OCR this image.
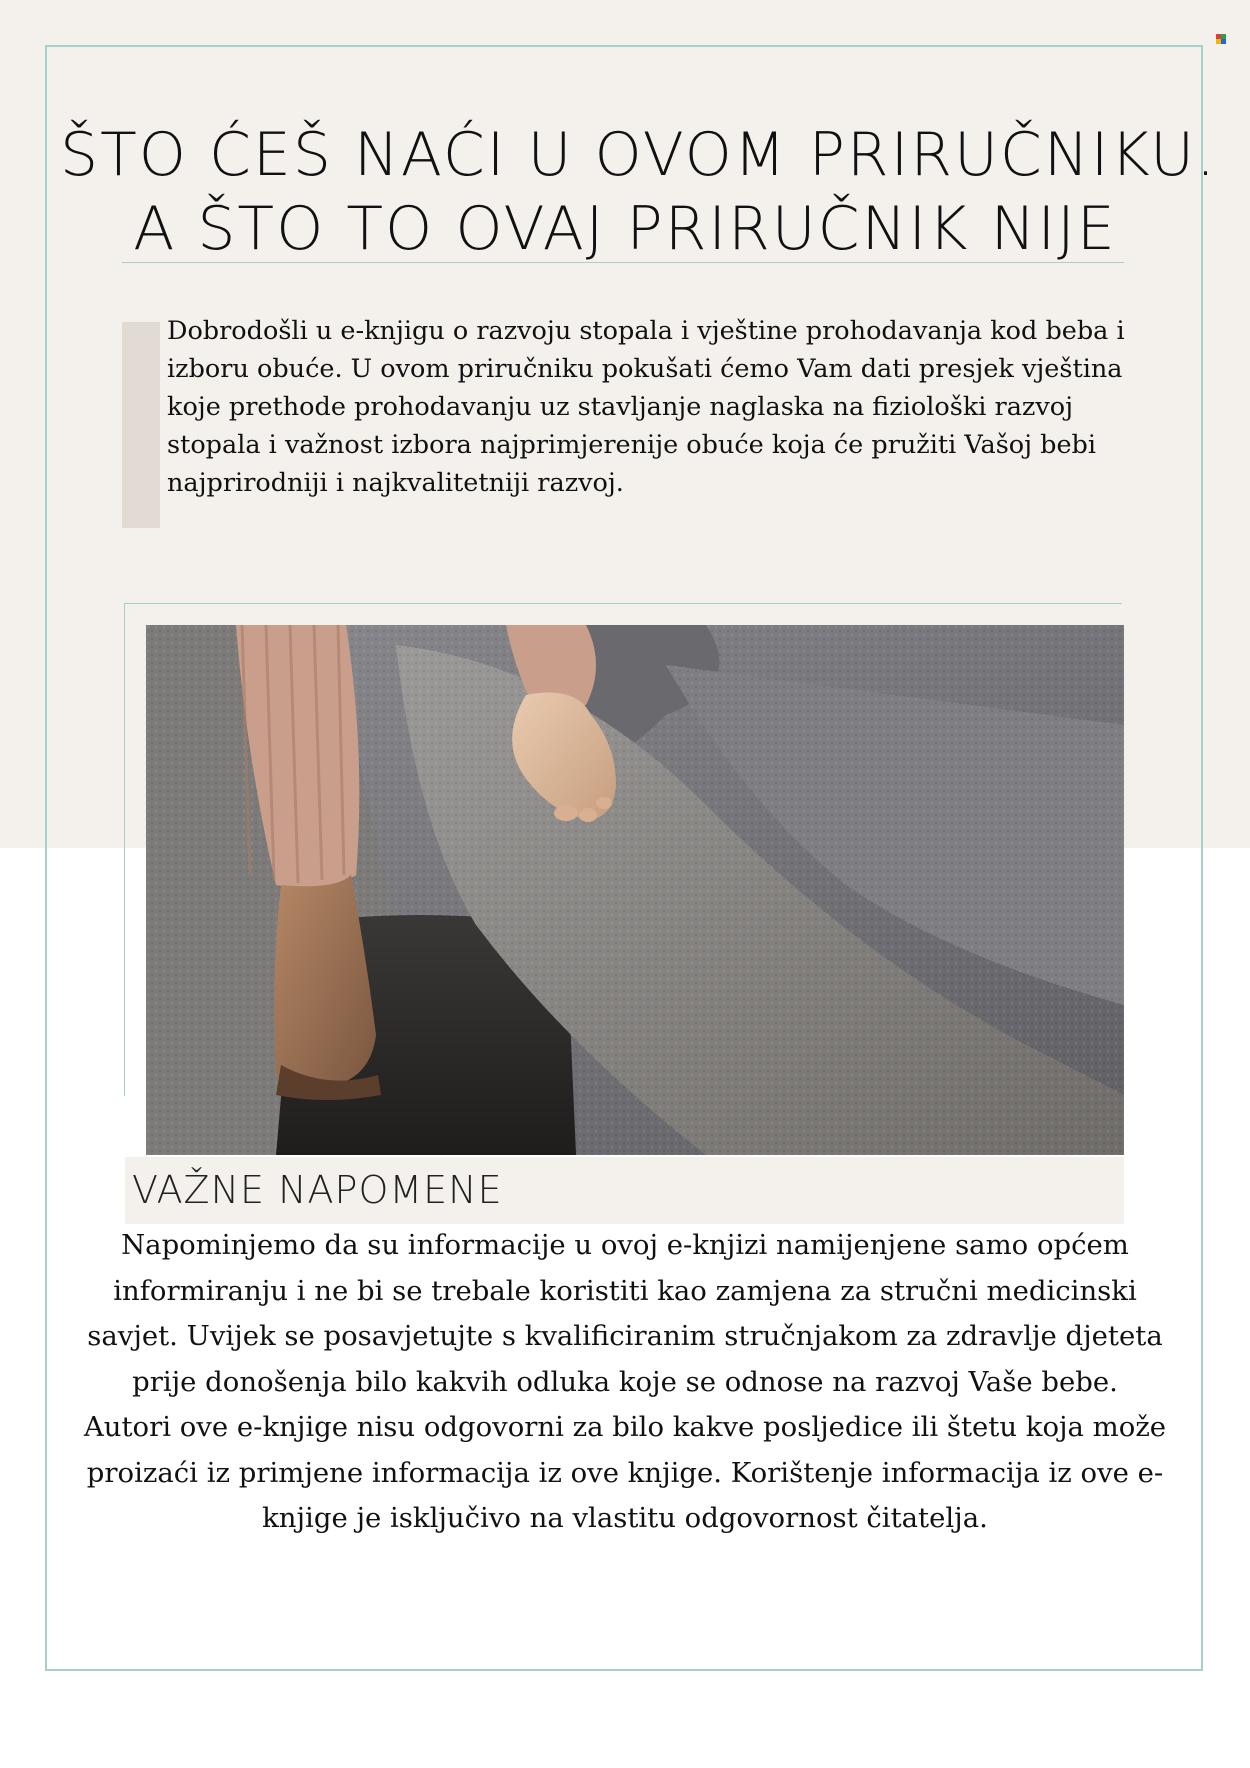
ŠTO ĆEŠ NAĆI U OVOM PRIRUČNIKU.
A ŠTO TO OVAJ PRIRUČNIK NIJE

Dobrodošli u e-knjigu o razvoju stopala i vještine prohodavanja kod beba i izboru obuće. U ovom priručniku pokušati ćemo Vam dati presjek vještina koje prethode prohodavanju uz stavljanje naglaska na fiziološki razvoj stopala i važnost izbora najprimjerenije obuće koja će pružiti Vašoj bebi najprirodniji i najkvalitetniji razvoj.

VAŽNE NAPOMENE

Napominjemo da su informacije u ovoj e-knjizi namijenjene samo općem informiranju i ne bi se trebale koristiti kao zamjena za stručni medicinski savjet. Uvijek se posavjetujte s kvalificiranim stručnjakom za zdravlje djeteta prije donošenja bilo kakvih odluka koje se odnose na razvoj Vaše bebe.

Autori ove e-knjige nisu odgovorni za bilo kakve posljedice ili štetu koja može proizaći iz primjene informacija iz ove knjige. Korištenje informacija iz ove e-knjige je isključivo na vlastitu odgovornost čitatelja.
